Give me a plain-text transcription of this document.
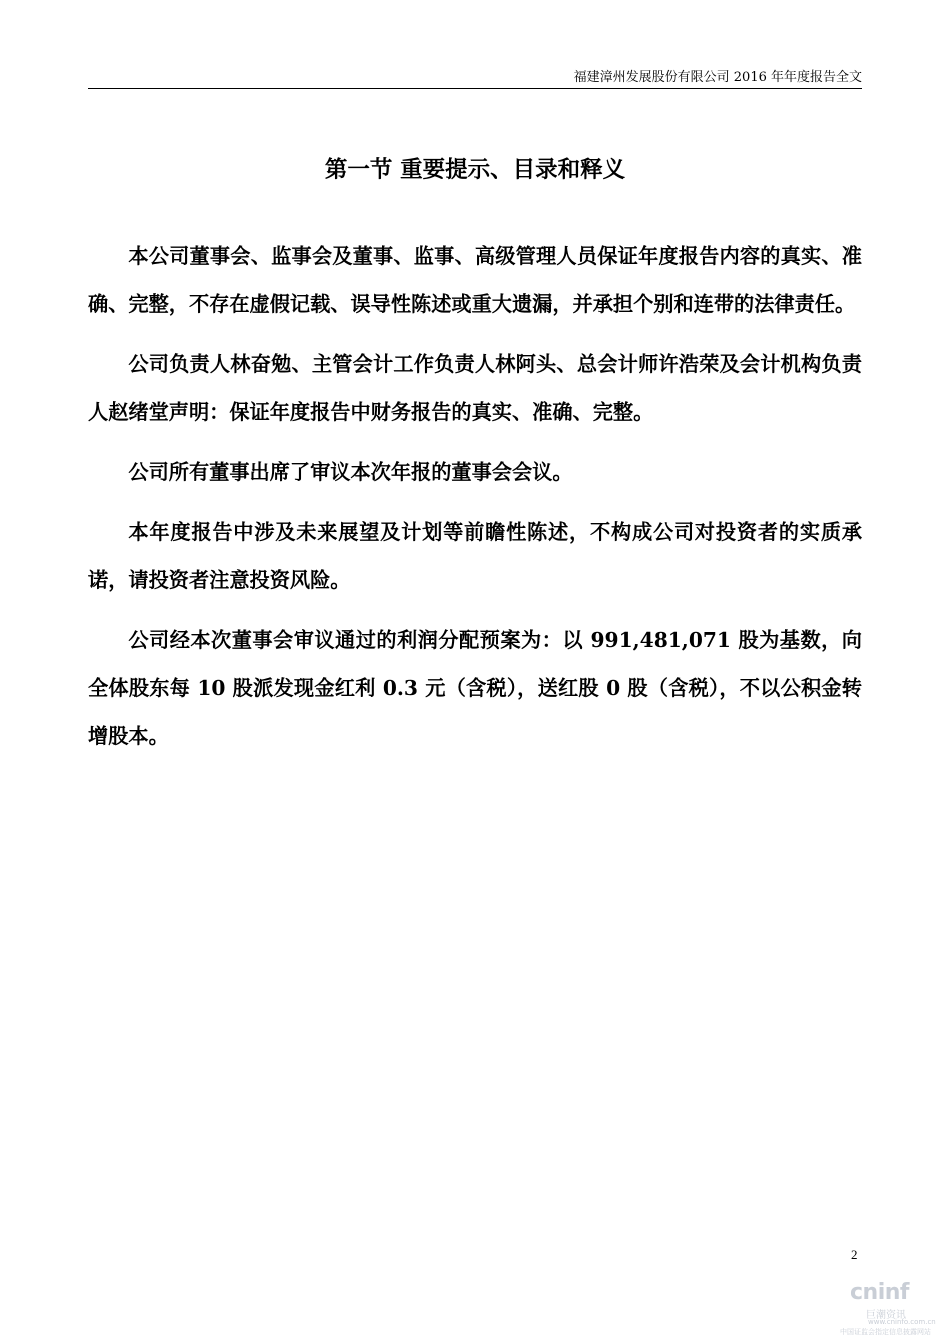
福建漳州发展股份有限公司 2016 年年度报告全文
第一节 重要提示、目录和释义

本公司董事会、监事会及董事、监事、高级管理人员保证年度报告内容的真实、准确、完整，不存在虚假记载、误导性陈述或重大遗漏，并承担个别和连带的法律责任。

公司负责人林奋勉、主管会计工作负责人林阿头、总会计师许浩荣及会计机构负责人赵绪堂声明：保证年度报告中财务报告的真实、准确、完整。

公司所有董事出席了审议本次年报的董事会会议。

本年度报告中涉及未来展望及计划等前瞻性陈述，不构成公司对投资者的实质承诺，请投资者注意投资风险。

公司经本次董事会审议通过的利润分配预案为：以 991,481,071 股为基数，向全体股东每 10 股派发现金红利 0.3 元（含税），送红股 0 股（含税），不以公积金转增股本。

2
cninf
巨潮资讯
www.cninfo.com.cn
中国证监会指定信息披露网站
